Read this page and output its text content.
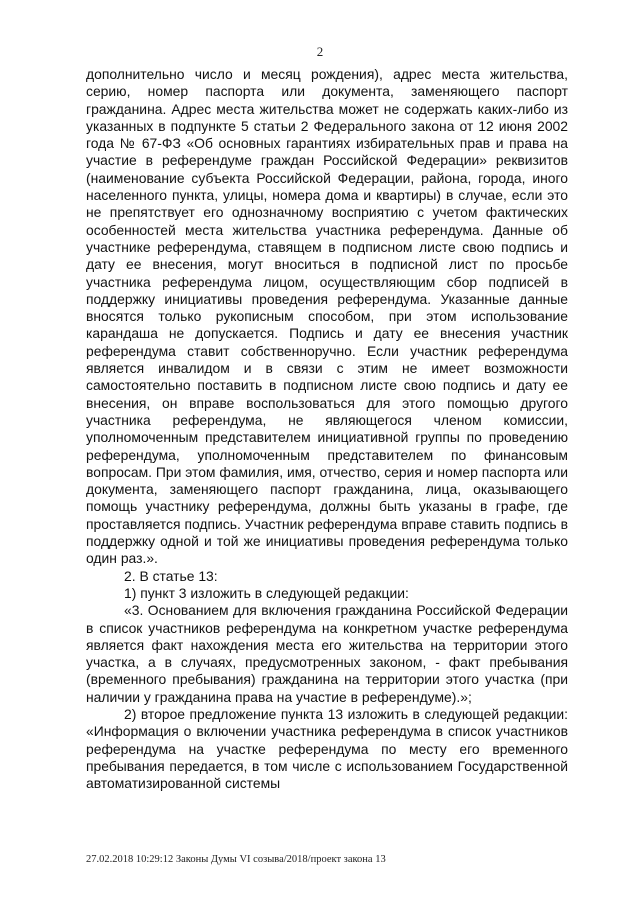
2

дополнительно число и месяц рождения), адрес места жительства, серию, номер паспорта или документа, заменяющего паспорт гражданина. Адрес места жительства может не содержать каких-либо из указанных в подпункте 5 статьи 2 Федерального закона от 12 июня 2002 года № 67-ФЗ «Об основных гарантиях избирательных прав и права на участие в референдуме граждан Российской Федерации» реквизитов (наименование субъекта Российской Федерации, района, города, иного населенного пункта, улицы, номера дома и квартиры) в случае, если это не препятствует его однозначному восприятию с учетом фактических особенностей места жительства участника референдума. Данные об участнике референдума, ставящем в подписном листе свою подпись и дату ее внесения, могут вноситься в подписной лист по просьбе участника референдума лицом, осуществляющим сбор подписей в поддержку инициативы проведения референдума. Указанные данные вносятся только рукописным способом, при этом использование карандаша не допускается. Подпись и дату ее внесения участник референдума ставит собственноручно. Если участник референдума является инвалидом и в связи с этим не имеет возможности самостоятельно поставить в подписном листе свою подпись и дату ее внесения, он вправе воспользоваться для этого помощью другого участника референдума, не являющегося членом комиссии, уполномоченным представителем инициативной группы по проведению референдума, уполномоченным представителем по финансовым вопросам. При этом фамилия, имя, отчество, серия и номер паспорта или документа, заменяющего паспорт гражданина, лица, оказывающего помощь участнику референдума, должны быть указаны в графе, где проставляется подпись. Участник референдума вправе ставить подпись в поддержку одной и той же инициативы проведения референдума только один раз.».

2. В статье 13:

1) пункт 3 изложить в следующей редакции:

«3. Основанием для включения гражданина Российской Федерации в список участников референдума на конкретном участке референдума является факт нахождения места его жительства на территории этого участка, а в случаях, предусмотренных законом, - факт пребывания (временного пребывания) гражданина на территории этого участка (при наличии у гражданина права на участие в референдуме).»;

2) второе предложение пункта 13 изложить в следующей редакции: «Информация о включении участника референдума в список участников референдума на участке референдума по месту его временного пребывания передается, в том числе с использованием Государственной автоматизированной системы

27.02.2018 10:29:12 Законы Думы VI созыва/2018/проект закона 13
